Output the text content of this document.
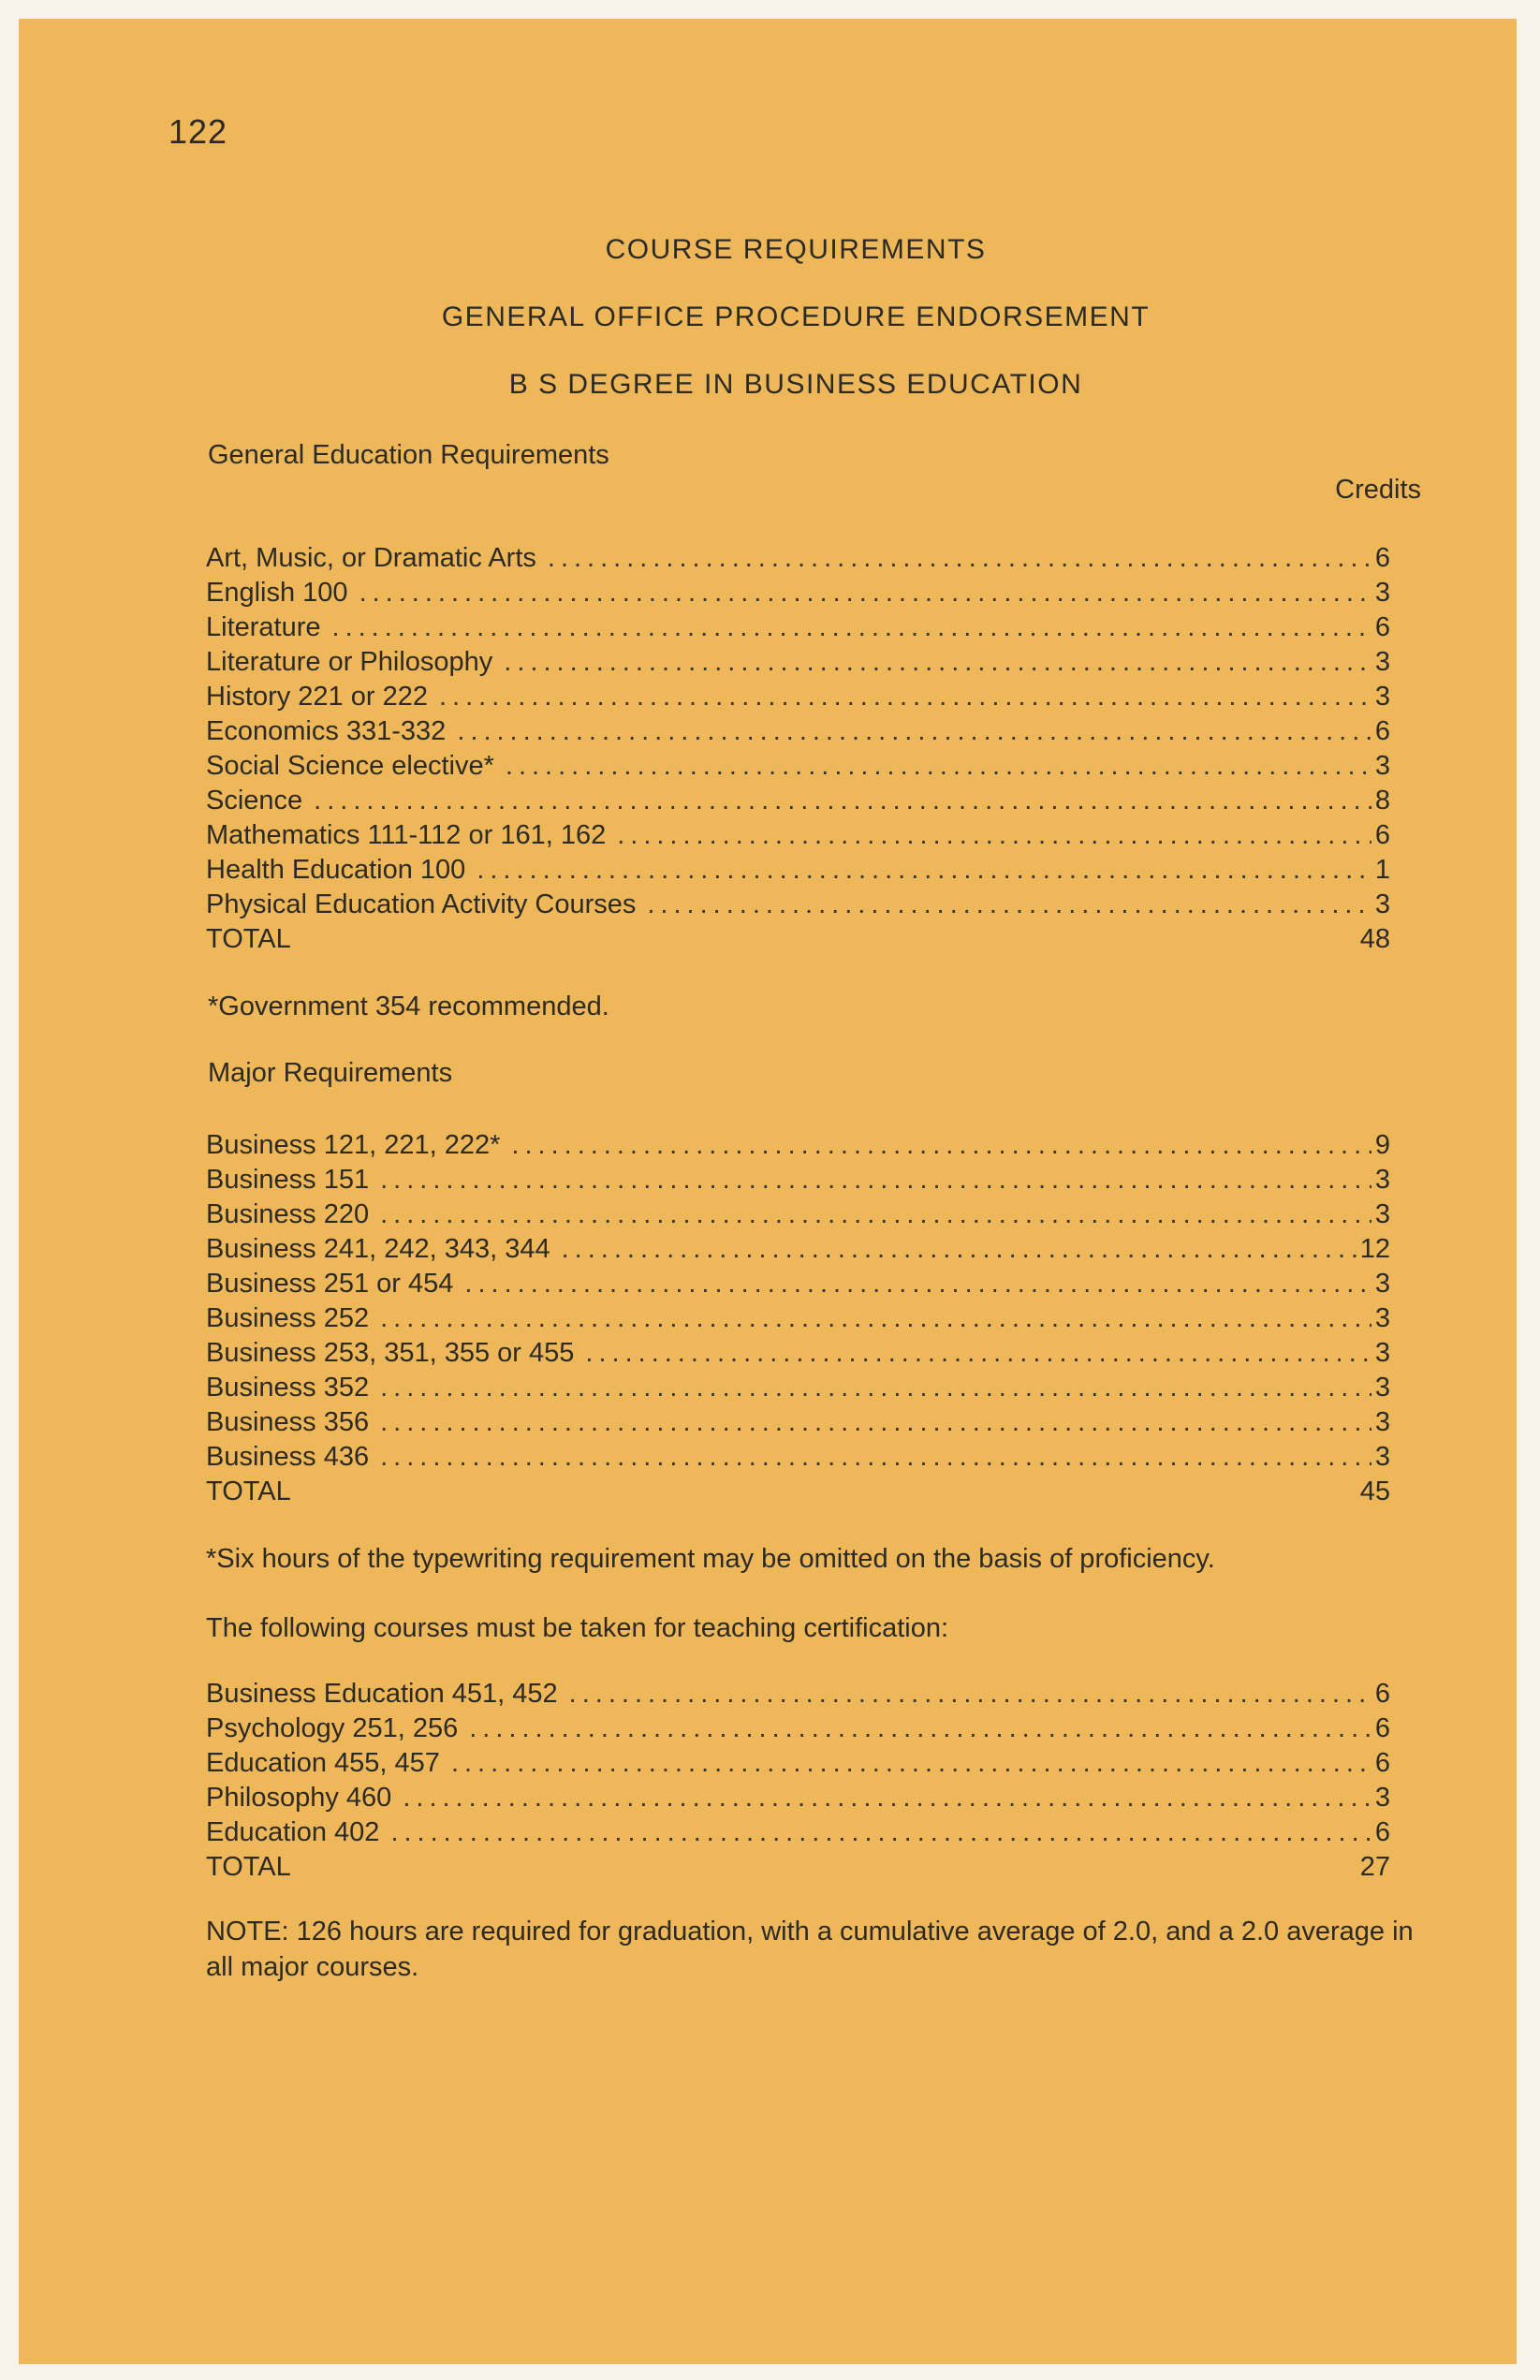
122
COURSE REQUIREMENTS
GENERAL OFFICE PROCEDURE ENDORSEMENT
B S DEGREE IN BUSINESS EDUCATION
General Education Requirements
Credits
Art, Music, or Dramatic Arts .....	6
English 100 .....	3
Literature .....	6
Literature or Philosophy .....	3
History 221 or 222 .....	3
Economics 331-332 .....	6
Social Science elective* .....	3
Science .....	8
Mathematics 111-112 or 161, 162 .....	6
Health Education 100 .....	1
Physical Education Activity Courses .....	3
TOTAL	48
*Government 354 recommended.
Major Requirements
Business 121, 221, 222* .....	9
Business 151 .....	3
Business 220 .....	3
Business 241, 242, 343, 344 .....	12
Business 251 or 454 .....	3
Business 252 .....	3
Business 253, 351, 355 or 455 .....	3
Business 352 .....	3
Business 356 .....	3
Business 436 .....	3
TOTAL	45
*Six hours of the typewriting requirement may be omitted on the basis of proficiency.
The following courses must be taken for teaching certification:
Business Education 451, 452 .....	6
Psychology 251, 256 .....	6
Education 455, 457 .....	6
Philosophy 460 .....	3
Education 402 .....	6
TOTAL	27
NOTE: 126 hours are required for graduation, with a cumulative average of 2.0, and a 2.0 average in all major courses.
